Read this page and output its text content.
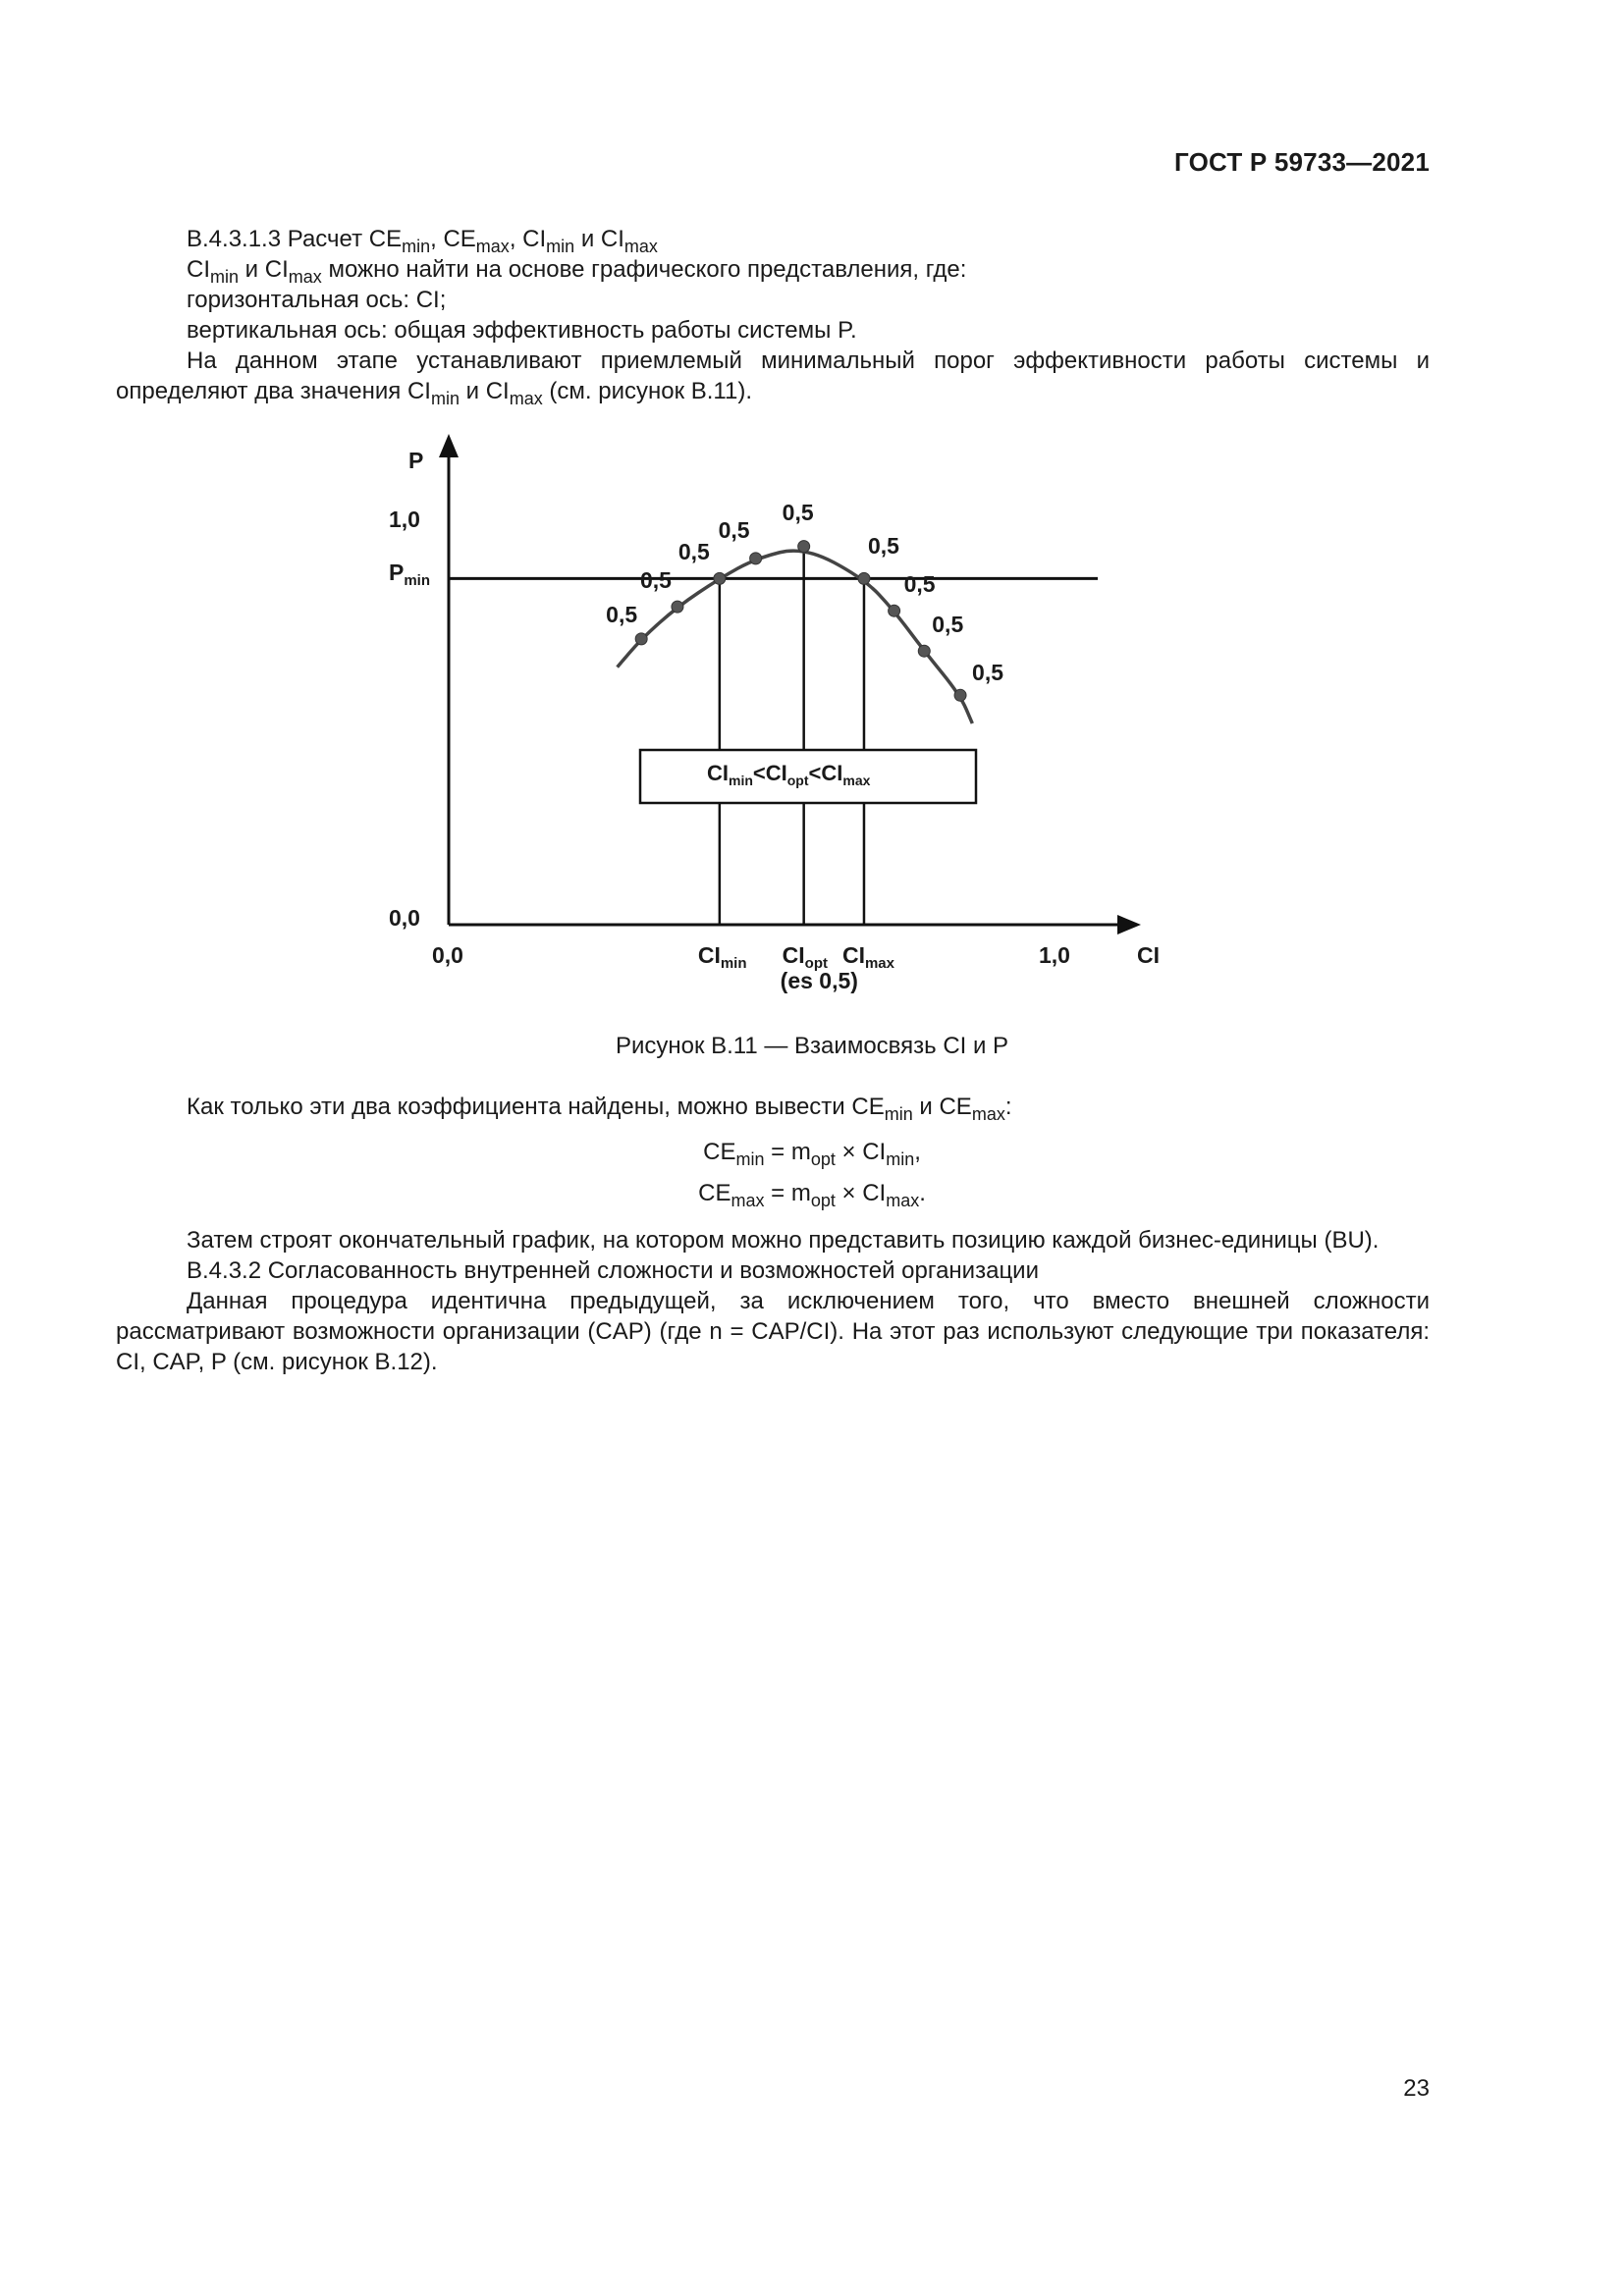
ГОСТ Р 59733—2021

В.4.3.1.3 Расчет $CE_{min}$, $CE_{max}$, $CI_{min}$ и $CI_{max}$

$CI_{min}$ и $CI_{max}$ можно найти на основе графического представления, где:

горизонтальная ось: CI;

вертикальная ось: общая эффективность работы системы P.

На данном этапе устанавливают приемлемый минимальный порог эффективности работы системы и определяют два значения $CI_{min}$ и $CI_{max}$ (см. рисунок В.11).

0,5
0,5
0,5
0,5
0,5
0,5
0,5
0,5
0,5
$CI_{min}<CI_{opt}<CI_{max}$
P
1,0
0,0
$P_{min}$
0,0	1,0	CI
$CI_{min}$ $CI_{opt}$
(es 0,5)
$CI_{max}$
Рисунок В.11 — Взаимосвязь CI и P

Как только эти два коэффициента найдены, можно вывести $CE_{min}$ и $CE_{max}$:

$CE_{min} = m_{opt} \times CI_{min}$,
$CE_{max} = m_{opt} \times CI_{max}$.

Затем строят окончательный график, на котором можно представить позицию каждой бизнес-единицы (BU).

В.4.3.2 Согласованность внутренней сложности и возможностей организации

Данная процедура идентична предыдущей, за исключением того, что вместо внешней сложности рассматривают возможности организации (CAP) (где n = CAP/CI). На этот раз используют следующие три показателя: CI, CAP, P (см. рисунок В.12).

23
